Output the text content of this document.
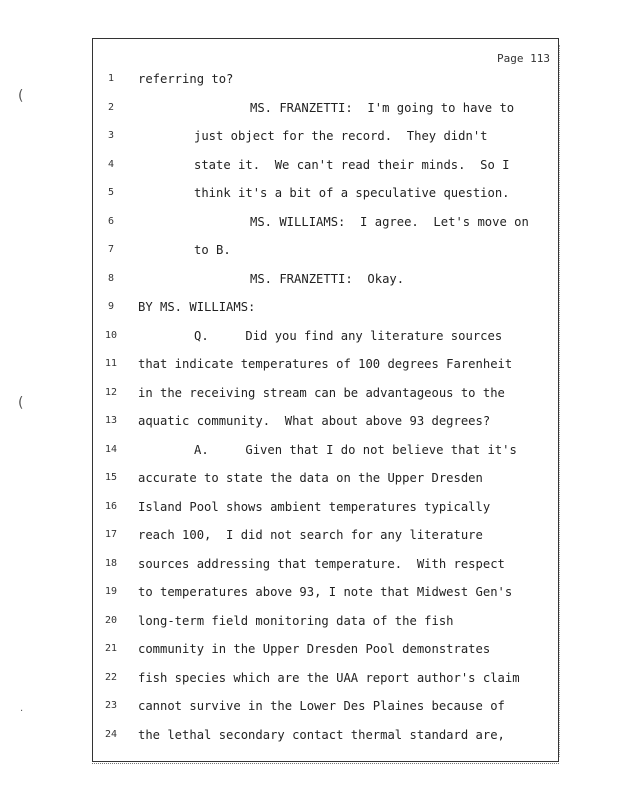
(
(
.
Page 113
1	referring to?
2	MS. FRANZETTI:  I'm going to have to
3	just object for the record.  They didn't
4	state it.  We can't read their minds.  So I
5	think it's a bit of a speculative question.
6	MS. WILLIAMS:  I agree.  Let's move on
7	to B.
8	MS. FRANZETTI:  Okay.
9	BY MS. WILLIAMS:
10	Q.     Did you find any literature sources
11	that indicate temperatures of 100 degrees Farenheit
12	in the receiving stream can be advantageous to the
13	aquatic community.  What about above 93 degrees?
14	A.     Given that I do not believe that it's
15	accurate to state the data on the Upper Dresden
16	Island Pool shows ambient temperatures typically
17	reach 100,  I did not search for any literature
18	sources addressing that temperature.  With respect
19	to temperatures above 93, I note that Midwest Gen's
20	long-term field monitoring data of the fish
21	community in the Upper Dresden Pool demonstrates
22	fish species which are the UAA report author's claim
23	cannot survive in the Lower Des Plaines because of
24	the lethal secondary contact thermal standard are,
